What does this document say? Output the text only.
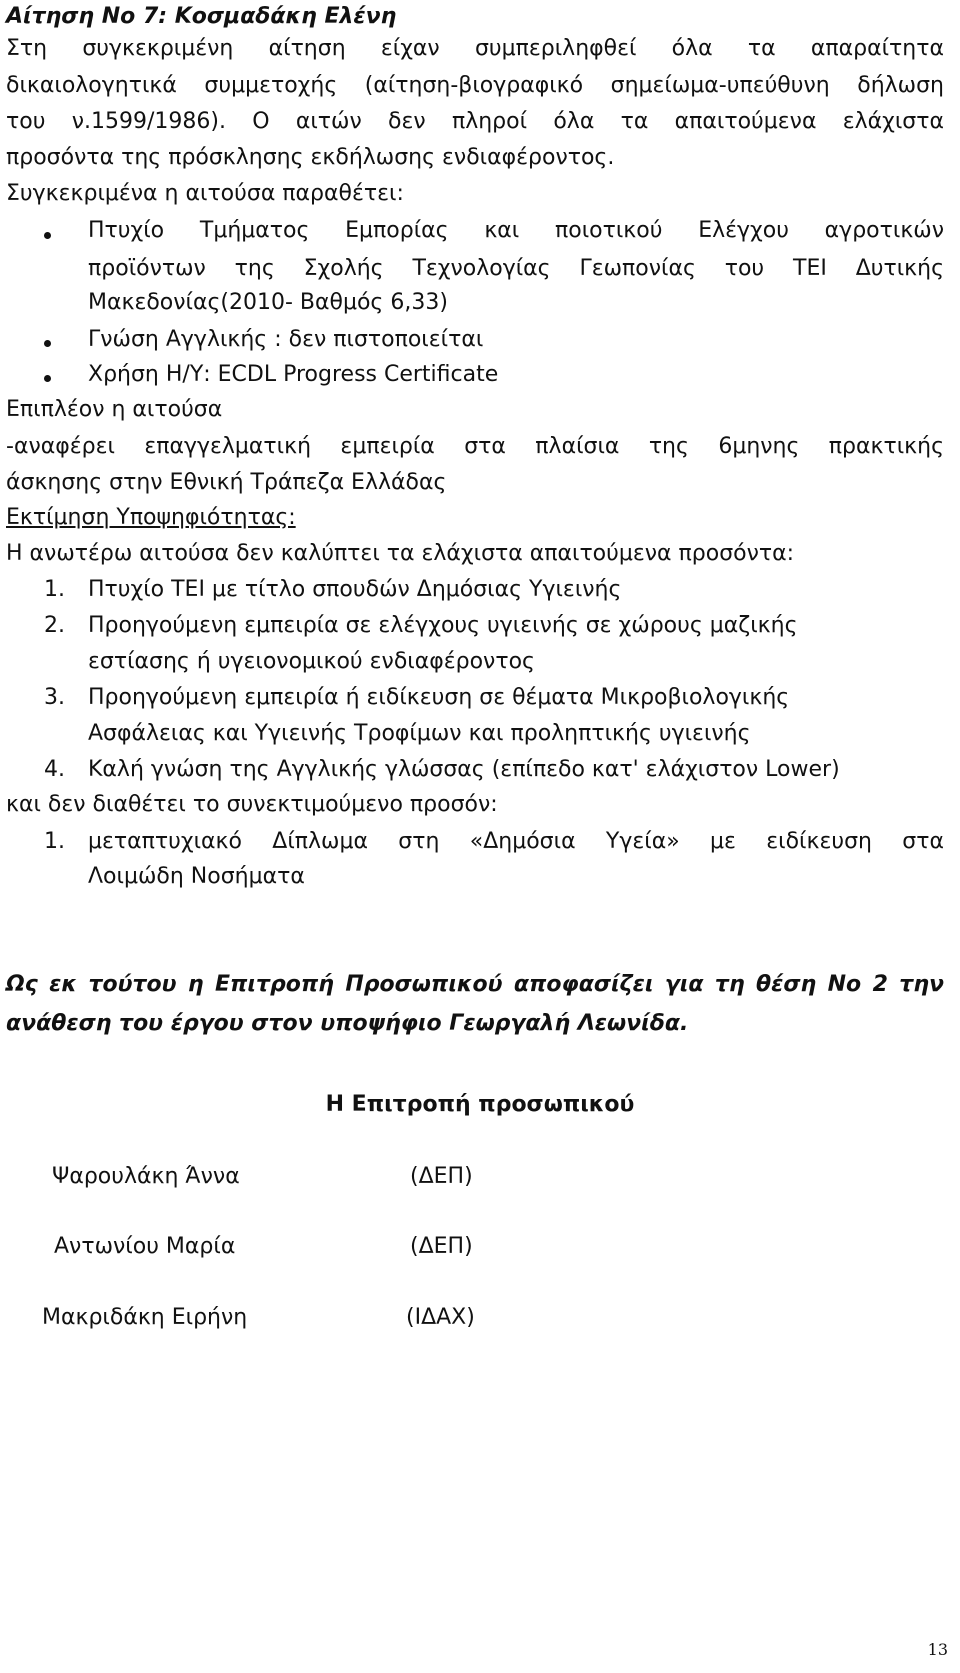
Αίτηση Νο 7: Κοσμαδάκη Ελένη
Στη συγκεκριμένη αίτηση είχαν συμπεριληφθεί όλα τα απαραίτητα
δικαιολογητικά συμμετοχής (αίτηση-βιογραφικό σημείωμα-υπεύθυνη δήλωση
του ν.1599/1986). Ο αιτών δεν πληροί όλα τα απαιτούμενα ελάχιστα
προσόντα της πρόσκλησης εκδήλωσης ενδιαφέροντος.
Συγκεκριμένα η αιτούσα παραθέτει:
Πτυχίο Τμήματος Εμπορίας και ποιοτικού Ελέγχου αγροτικών
προϊόντων της Σχολής Τεχνολογίας Γεωπονίας του ΤΕΙ Δυτικής
Μακεδονίας(2010- Βαθμός 6,33)
Γνώση Αγγλικής : δεν πιστοποιείται
Χρήση Η/Υ: ECDL Progress Certificate
Επιπλέον η αιτούσα
-αναφέρει επαγγελματική εμπειρία στα πλαίσια της 6μηνης πρακτικής
άσκησης στην Εθνική Τράπεζα Ελλάδας
Εκτίμηση Υποψηφιότητας:
Η ανωτέρω αιτούσα δεν καλύπτει τα ελάχιστα απαιτούμενα προσόντα:
1. Πτυχίο ΤΕΙ με τίτλο σπουδών Δημόσιας Υγιεινής
2. Προηγούμενη εμπειρία σε ελέγχους υγιεινής σε χώρους μαζικής
εστίασης ή υγειονομικού ενδιαφέροντος
3. Προηγούμενη εμπειρία ή ειδίκευση σε θέματα Μικροβιολογικής
Ασφάλειας και Υγιεινής Τροφίμων και προληπτικής υγιεινής
4. Καλή γνώση της Αγγλικής γλώσσας (επίπεδο κατ' ελάχιστον Lower)
και δεν διαθέτει το συνεκτιμούμενο προσόν:
1. μεταπτυχιακό Δίπλωμα στη «Δημόσια Υγεία» με ειδίκευση στα
Λοιμώδη Νοσήματα
Ως εκ τούτου η Επιτροπή Προσωπικού αποφασίζει για τη θέση Νο 2 την
ανάθεση του έργου στον υποψήφιο Γεωργαλή Λεωνίδα.
Η Επιτροπή προσωπικού
Ψαρουλάκη Άννα	(ΔΕΠ)
Αντωνίου Μαρία	(ΔΕΠ)
Μακριδάκη Ειρήνη	(ΙΔΑΧ)
13
